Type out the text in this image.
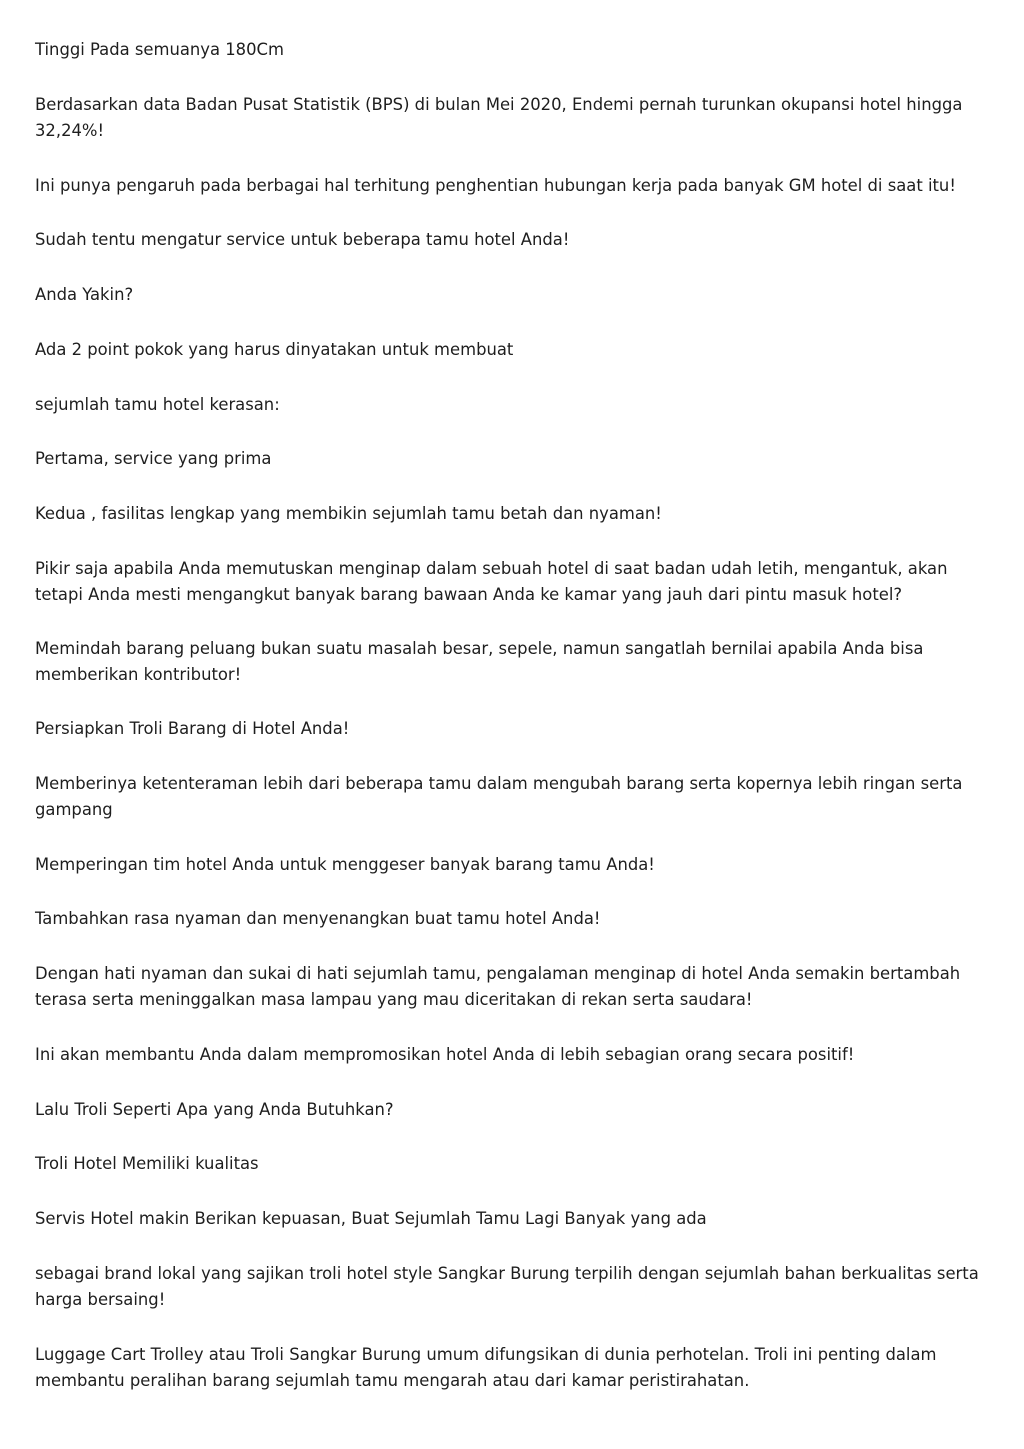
Tinggi Pada semuanya 180Cm

Berdasarkan data Badan Pusat Statistik (BPS) di bulan Mei 2020, Endemi pernah turunkan okupansi hotel hingga 32,24%!

Ini punya pengaruh pada berbagai hal terhitung penghentian hubungan kerja pada banyak GM hotel di saat itu!

Sudah tentu mengatur service untuk beberapa tamu hotel Anda!

Anda Yakin?

Ada 2 point pokok yang harus dinyatakan untuk membuat

sejumlah tamu hotel kerasan:

Pertama, service yang prima

Kedua , fasilitas lengkap yang membikin sejumlah tamu betah dan nyaman!

Pikir saja apabila Anda memutuskan menginap dalam sebuah hotel di saat badan udah letih, mengantuk, akan tetapi Anda mesti mengangkut banyak barang bawaan Anda ke kamar yang jauh dari pintu masuk hotel?

Memindah barang peluang bukan suatu masalah besar, sepele, namun sangatlah bernilai apabila Anda bisa memberikan kontributor!

Persiapkan Troli Barang di Hotel Anda!

Memberinya ketenteraman lebih dari beberapa tamu dalam mengubah barang serta kopernya lebih ringan serta gampang

Memperingan tim hotel Anda untuk menggeser banyak barang tamu Anda!

Tambahkan rasa nyaman dan menyenangkan buat tamu hotel Anda!

Dengan hati nyaman dan sukai di hati sejumlah tamu, pengalaman menginap di hotel Anda semakin bertambah terasa serta meninggalkan masa lampau yang mau diceritakan di rekan serta saudara!

Ini akan membantu Anda dalam mempromosikan hotel Anda di lebih sebagian orang secara positif!

Lalu Troli Seperti Apa yang Anda Butuhkan?

Troli Hotel Memiliki kualitas

Servis Hotel makin Berikan kepuasan, Buat Sejumlah Tamu Lagi Banyak yang ada

sebagai brand lokal yang sajikan troli hotel style Sangkar Burung terpilih dengan sejumlah bahan berkualitas serta harga bersaing!

Luggage Cart Trolley atau Troli Sangkar Burung umum difungsikan di dunia perhotelan. Troli ini penting dalam membantu peralihan barang sejumlah tamu mengarah atau dari kamar peristirahatan.
